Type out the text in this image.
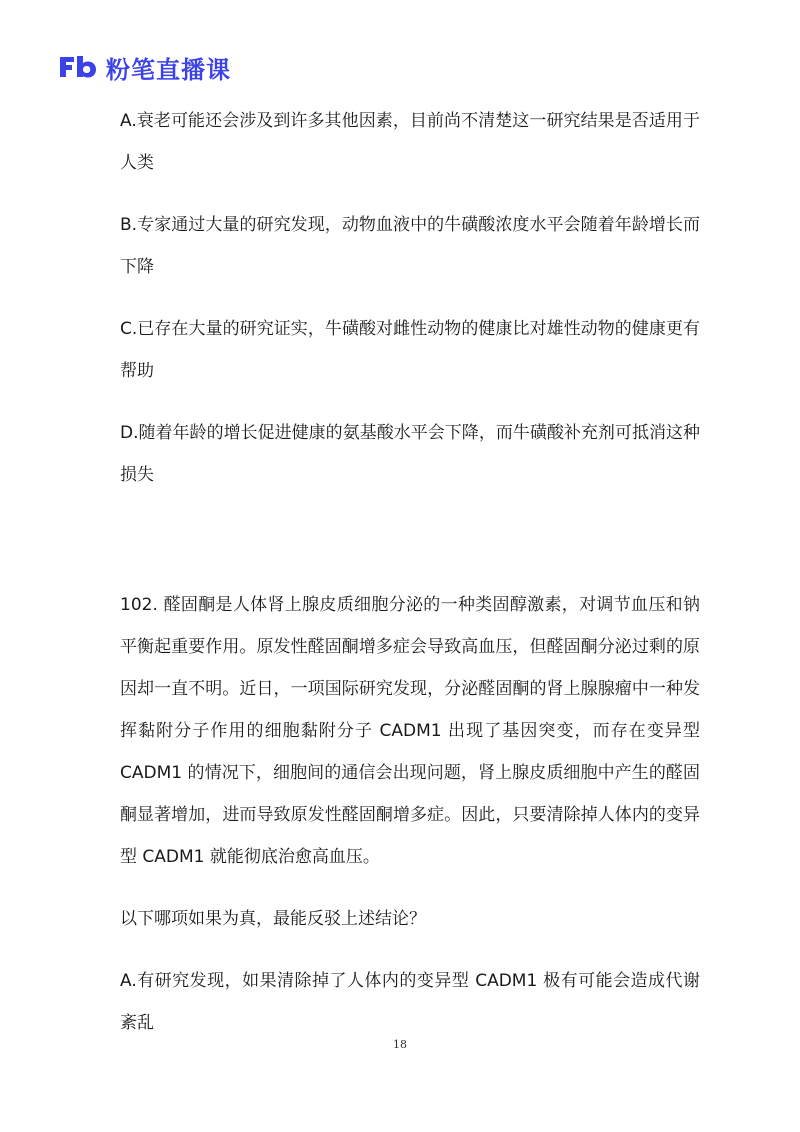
粉笔直播课

A.衰老可能还会涉及到许多其他因素，目前尚不清楚这一研究结果是否适用于人类

B.专家通过大量的研究发现，动物血液中的牛磺酸浓度水平会随着年龄增长而下降

C.已存在大量的研究证实，牛磺酸对雌性动物的健康比对雄性动物的健康更有帮助

D.随着年龄的增长促进健康的氨基酸水平会下降，而牛磺酸补充剂可抵消这种损失

102. 醛固酮是人体肾上腺皮质细胞分泌的一种类固醇激素，对调节血压和钠平衡起重要作用。原发性醛固酮增多症会导致高血压，但醛固酮分泌过剩的原因却一直不明。近日，一项国际研究发现，分泌醛固酮的肾上腺腺瘤中一种发挥黏附分子作用的细胞黏附分子 CADM1 出现了基因突变，而存在变异型 CADM1 的情况下，细胞间的通信会出现问题，肾上腺皮质细胞中产生的醛固酮显著增加，进而导致原发性醛固酮增多症。因此，只要清除掉人体内的变异型 CADM1 就能彻底治愈高血压。

以下哪项如果为真，最能反驳上述结论？

A.有研究发现，如果清除掉了人体内的变异型 CADM1 极有可能会造成代谢紊乱

18
